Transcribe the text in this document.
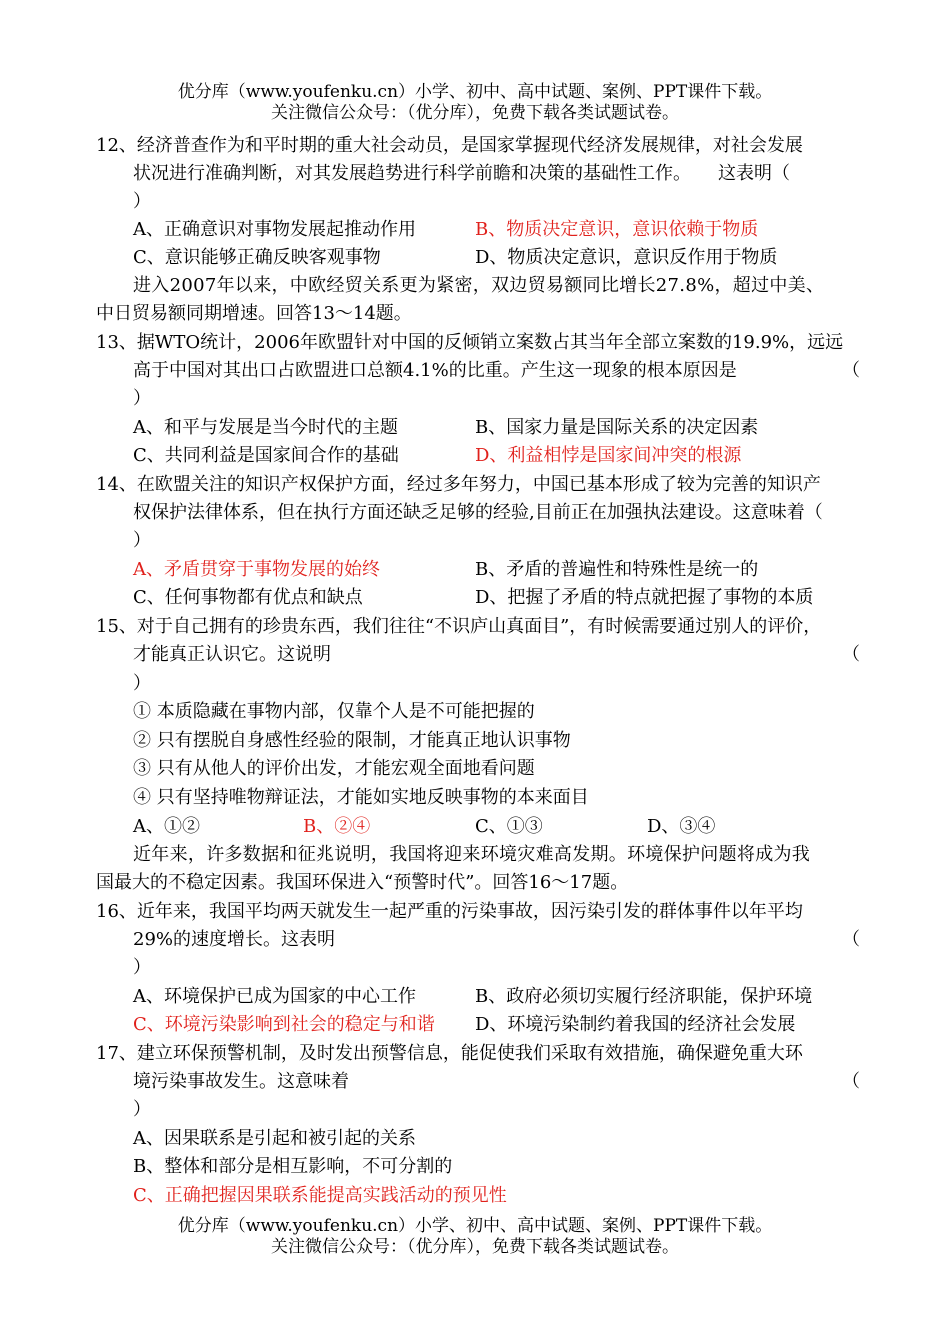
优分库（www.youfenku.cn）小学、初中、高中试题、案例、PPT课件下载。
关注微信公众号：（优分库），免费下载各类试题试卷。
12、经济普查作为和平时期的重大社会动员，是国家掌握现代经济发展规律，对社会发展
状况进行准确判断，对其发展趋势进行科学前瞻和决策的基础性工作。　　这表明（
）
A、正确意识对事物发展起推动作用	B、物质决定意识，意识依赖于物质
C、意识能够正确反映客观事物	D、物质决定意识，意识反作用于物质
进入2007年以来，中欧经贸关系更为紧密，双边贸易额同比增长27.8%，超过中美、
中日贸易额同期增速。回答13～14题。
13、据WTO统计，2006年欧盟针对中国的反倾销立案数占其当年全部立案数的19.9%，远远
高于中国对其出口占欧盟进口总额4.1%的比重。产生这一现象的根本原因是	（
）
A、和平与发展是当今时代的主题	B、国家力量是国际关系的决定因素
C、共同利益是国家间合作的基础	D、利益相悖是国家间冲突的根源
14、在欧盟关注的知识产权保护方面，经过多年努力，中国已基本形成了较为完善的知识产
权保护法律体系，但在执行方面还缺乏足够的经验,目前正在加强执法建设。这意味着（
）
A、矛盾贯穿于事物发展的始终	B、矛盾的普遍性和特殊性是统一的
C、任何事物都有优点和缺点	D、把握了矛盾的特点就把握了事物的本质
15、对于自己拥有的珍贵东西，我们往往“不识庐山真面目”，有时候需要通过别人的评价，
才能真正认识它。这说明	（
）
① 本质隐藏在事物内部，仅靠个人是不可能把握的
② 只有摆脱自身感性经验的限制，才能真正地认识事物
③ 只有从他人的评价出发，才能宏观全面地看问题
④ 只有坚持唯物辩证法，才能如实地反映事物的本来面目
A、①②	B、②④	C、①③	D、③④
近年来，许多数据和征兆说明，我国将迎来环境灾难高发期。环境保护问题将成为我
国最大的不稳定因素。我国环保进入“预警时代”。回答16～17题。
16、近年来，我国平均两天就发生一起严重的污染事故，因污染引发的群体事件以年平均
29%的速度增长。这表明	（
）
A、环境保护已成为国家的中心工作	B、政府必须切实履行经济职能，保护环境
C、环境污染影响到社会的稳定与和谐 D、环境污染制约着我国的经济社会发展
17、建立环保预警机制，及时发出预警信息，能促使我们采取有效措施，确保避免重大环
境污染事故发生。这意味着	（
）
A、因果联系是引起和被引起的关系
B、整体和部分是相互影响，不可分割的
C、正确把握因果联系能提高实践活动的预见性
优分库（www.youfenku.cn）小学、初中、高中试题、案例、PPT课件下载。
关注微信公众号：（优分库），免费下载各类试题试卷。
